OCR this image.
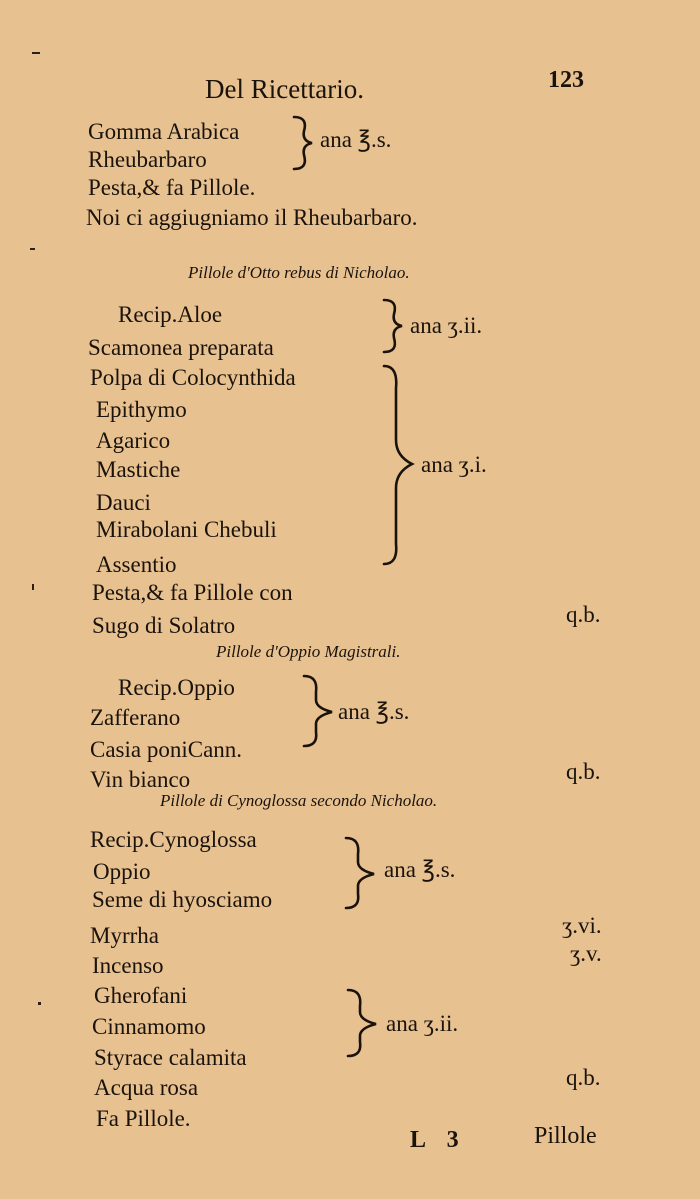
Del Ricettario.	123
Gomma Arabica
Rheubarbaro
ana ℥.s.
Pesta,& fa Pillole.
Noi ci aggiugniamo il Rheubarbaro.
Pillole d'Otto rebus di Nicholao.
Recip.Aloe
Scamonea preparata
ana ʒ.ii.
Polpa di Colocynthida
Epithymo
Agarico
Mastiche
Dauci
Mirabolani Chebuli
Assentio
ana ʒ.i.
Pesta,& fa Pillole con
Sugo di Solatro	q.b.
Pillole d'Oppio Magistrali.
Recip.Oppio
Zafferano
Casia poniCann.
ana ℥.s.
Vin bianco	q.b.
Pillole di Cynoglossa secondo Nicholao.
Recip.Cynoglossa
Oppio
Seme di hyosciamo
ana ℥.s.
Myrrha	ʒ.vi.
Incenso	ʒ.v.
Gherofani
Cinnamomo
Styrace calamita
ana ʒ.ii.
Acqua rosa	q.b.
Fa Pillole.
L 3	Pillole
